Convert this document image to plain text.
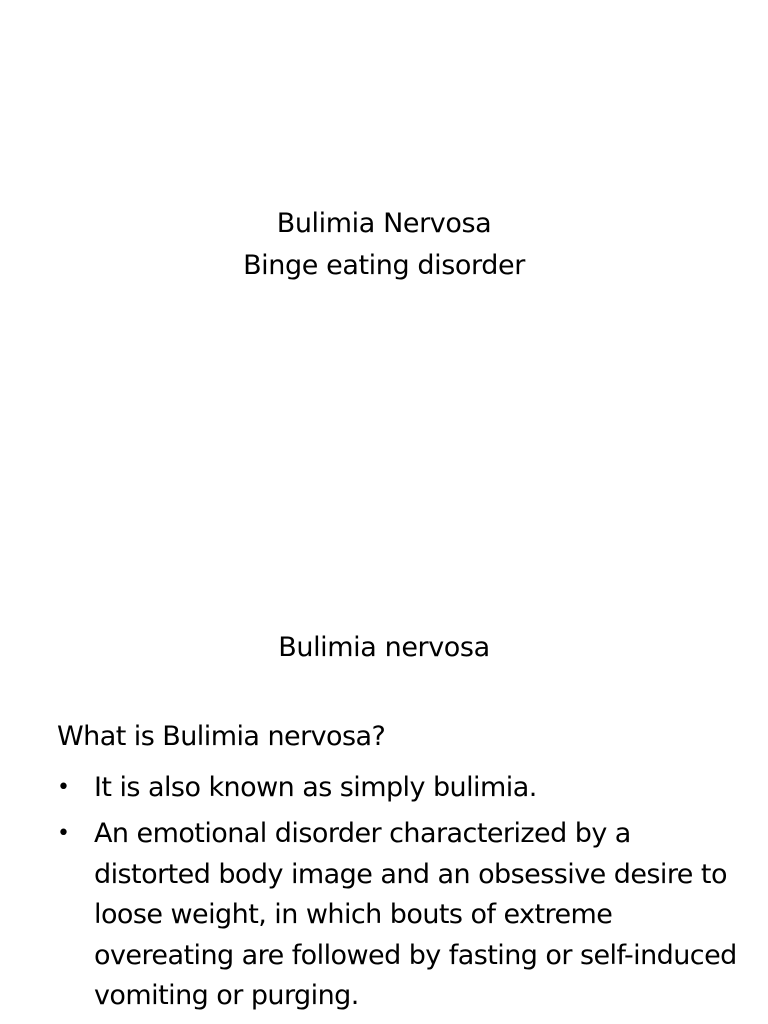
Bulimia Nervosa
Binge eating disorder
Bulimia nervosa

What is Bulimia nervosa?

• It is also known as simply bulimia.
• An emotional disorder characterized by a distorted body image and an obsessive desire to loose weight, in which bouts of extreme overeating are followed by fasting or self-induced vomiting or purging.
